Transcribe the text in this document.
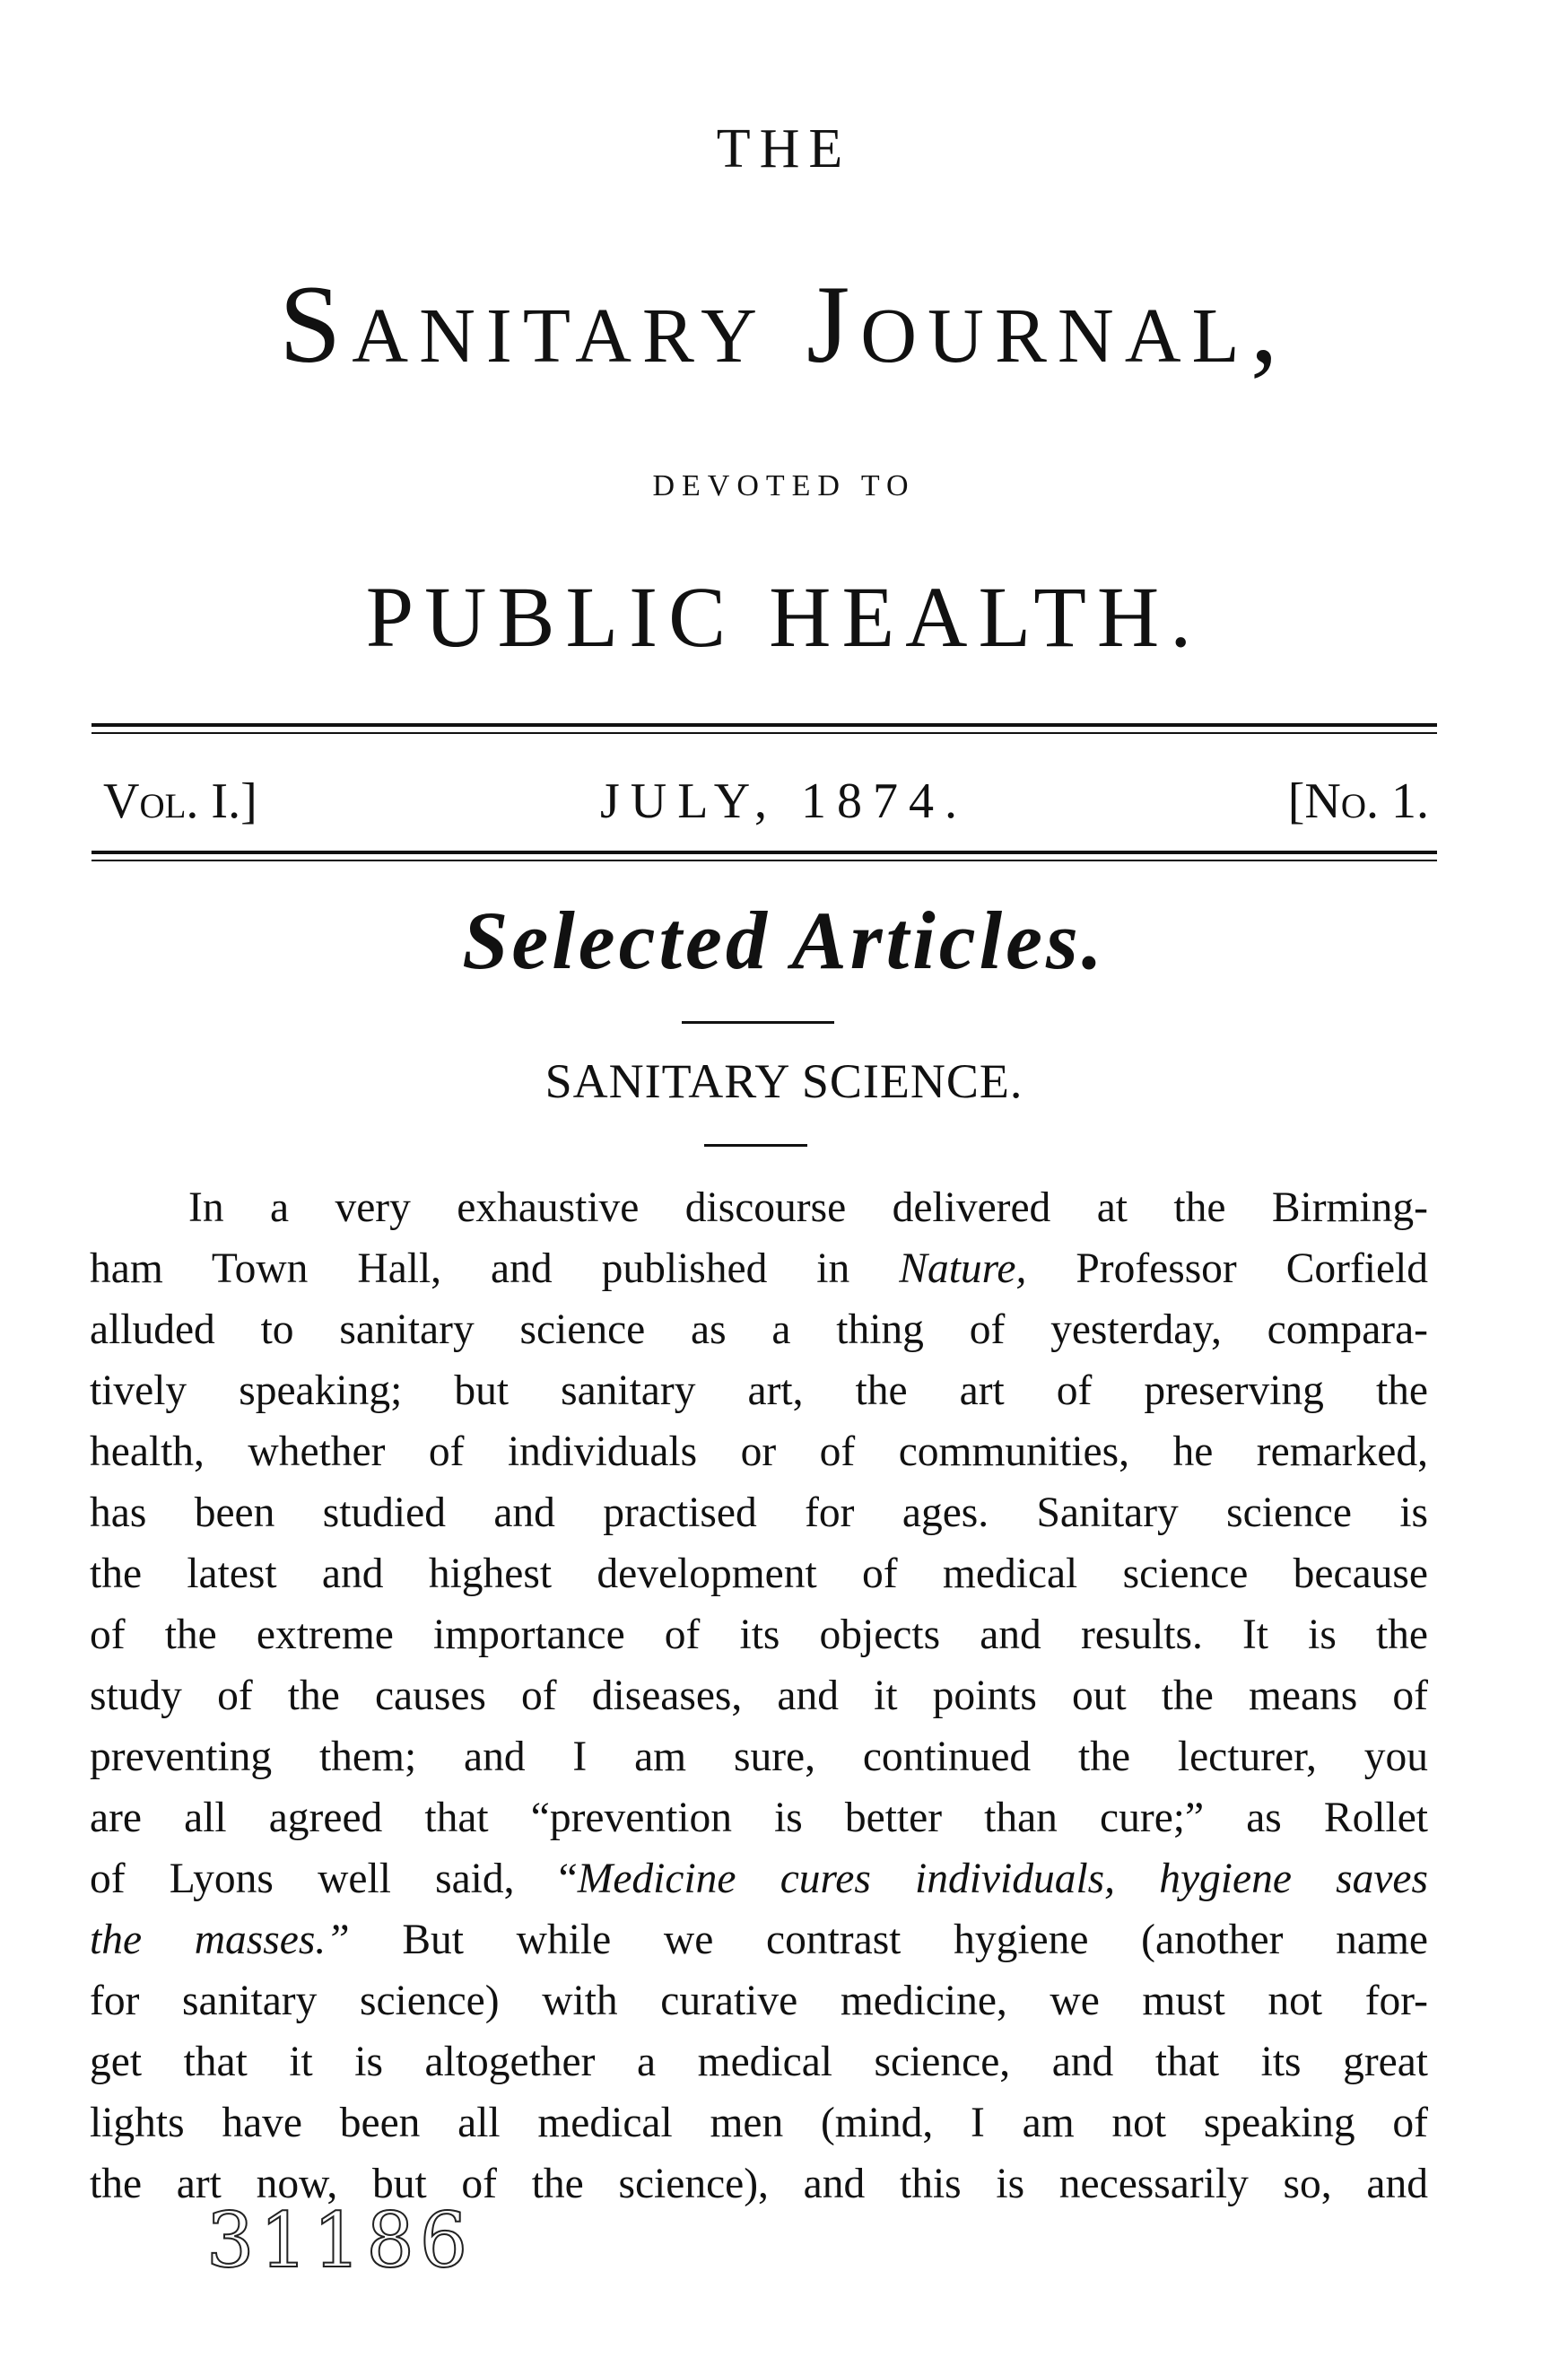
THE
Sanitary Journal,
DEVOTED TO
PUBLIC HEALTH.
Vol. I.]	JULY, 1874.	[No. 1.
Selected Articles.
SANITARY SCIENCE.
In a very exhaustive discourse delivered at the Birming-
ham Town Hall, and published in Nature, Professor Corfield
alluded to sanitary science as a thing of yesterday, compara-
tively speaking; but sanitary art, the art of preserving the
health, whether of individuals or of communities, he remarked,
has been studied and practised for ages. Sanitary science is
the latest and highest development of medical science because
of the extreme importance of its objects and results. It is the
study of the causes of diseases, and it points out the means of
preventing them; and I am sure, continued the lecturer, you
are all agreed that “prevention is better than cure;” as Rollet
of Lyons well said, “Medicine cures individuals, hygiene saves
the masses.” But while we contrast hygiene (another name
for sanitary science) with curative medicine, we must not for-
get that it is altogether a medical science, and that its great
lights have been all medical men (mind, I am not speaking of
the art now, but of the science), and this is necessarily so, and
31186
